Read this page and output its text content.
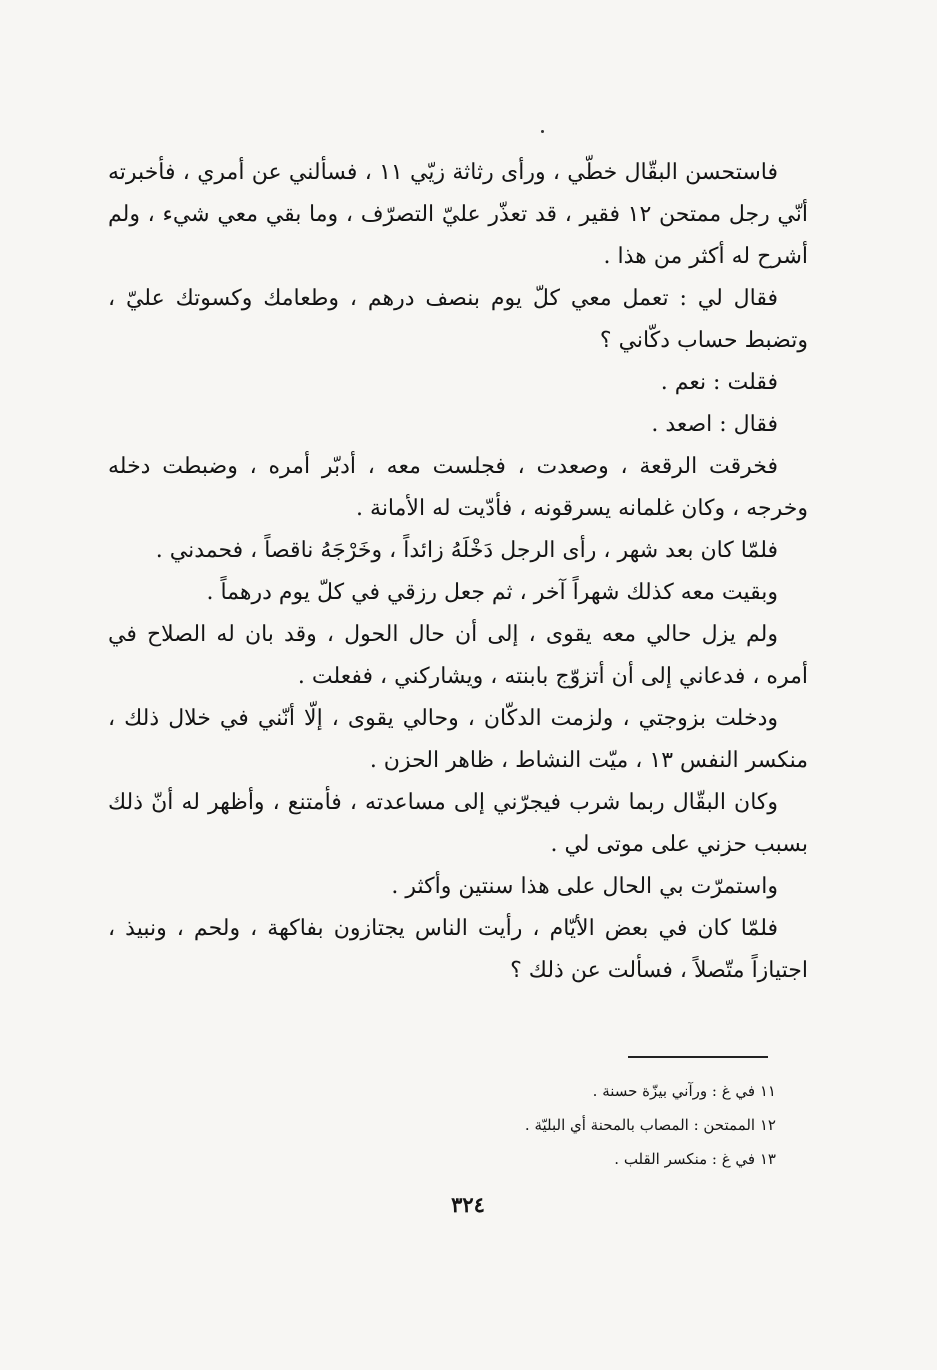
فاستحسن البقّال خطّي ، ورأى رثاثة زيّي ١١ ، فسألني عن أمري ، فأخبرته أنّي رجل ممتحن ١٢ فقير ، قد تعذّر عليّ التصرّف ، وما بقي معي شيء ، ولم أشرح له أكثر من هذا .

فقال لي : تعمل معي كلّ يوم بنصف درهم ، وطعامك وكسوتك عليّ ، وتضبط حساب دكّاني ؟

فقلت : نعم .

فقال : اصعد .

فخرقت الرقعة ، وصعدت ، فجلست معه ، أدبّر أمره ، وضبطت دخله وخرجه ، وكان غلمانه يسرقونه ، فأدّيت له الأمانة .

فلمّا كان بعد شهر ، رأى الرجل دَخْلَهُ زائداً ، وخَرْجَهُ ناقصاً ، فحمدني .

وبقيت معه كذلك شهراً آخر ، ثم جعل رزقي في كلّ يوم درهماً .

ولم يزل حالي معه يقوى ، إلى أن حال الحول ، وقد بان له الصلاح في أمره ، فدعاني إلى أن أتزوّج بابنته ، ويشاركني ، ففعلت .

ودخلت بزوجتي ، ولزمت الدكّان ، وحالي يقوى ، إلّا أنّني في خلال ذلك ، منكسر النفس ١٣ ، ميّت النشاط ، ظاهر الحزن .

وكان البقّال ربما شرب فيجرّني إلى مساعدته ، فأمتنع ، وأظهر له أنّ ذلك بسبب حزني على موتى لي .

واستمرّت بي الحال على هذا سنتين وأكثر .

فلمّا كان في بعض الأيّام ، رأيت الناس يجتازون بفاكهة ، ولحم ، ونبيذ ، اجتيازاً متّصلاً ، فسألت عن ذلك ؟

١١ في غ : ورآني بيزّة حسنة .

١٢ الممتحن : المصاب بالمحنة أي البليّة .

١٣ في غ : منكسر القلب .

٣٢٤
